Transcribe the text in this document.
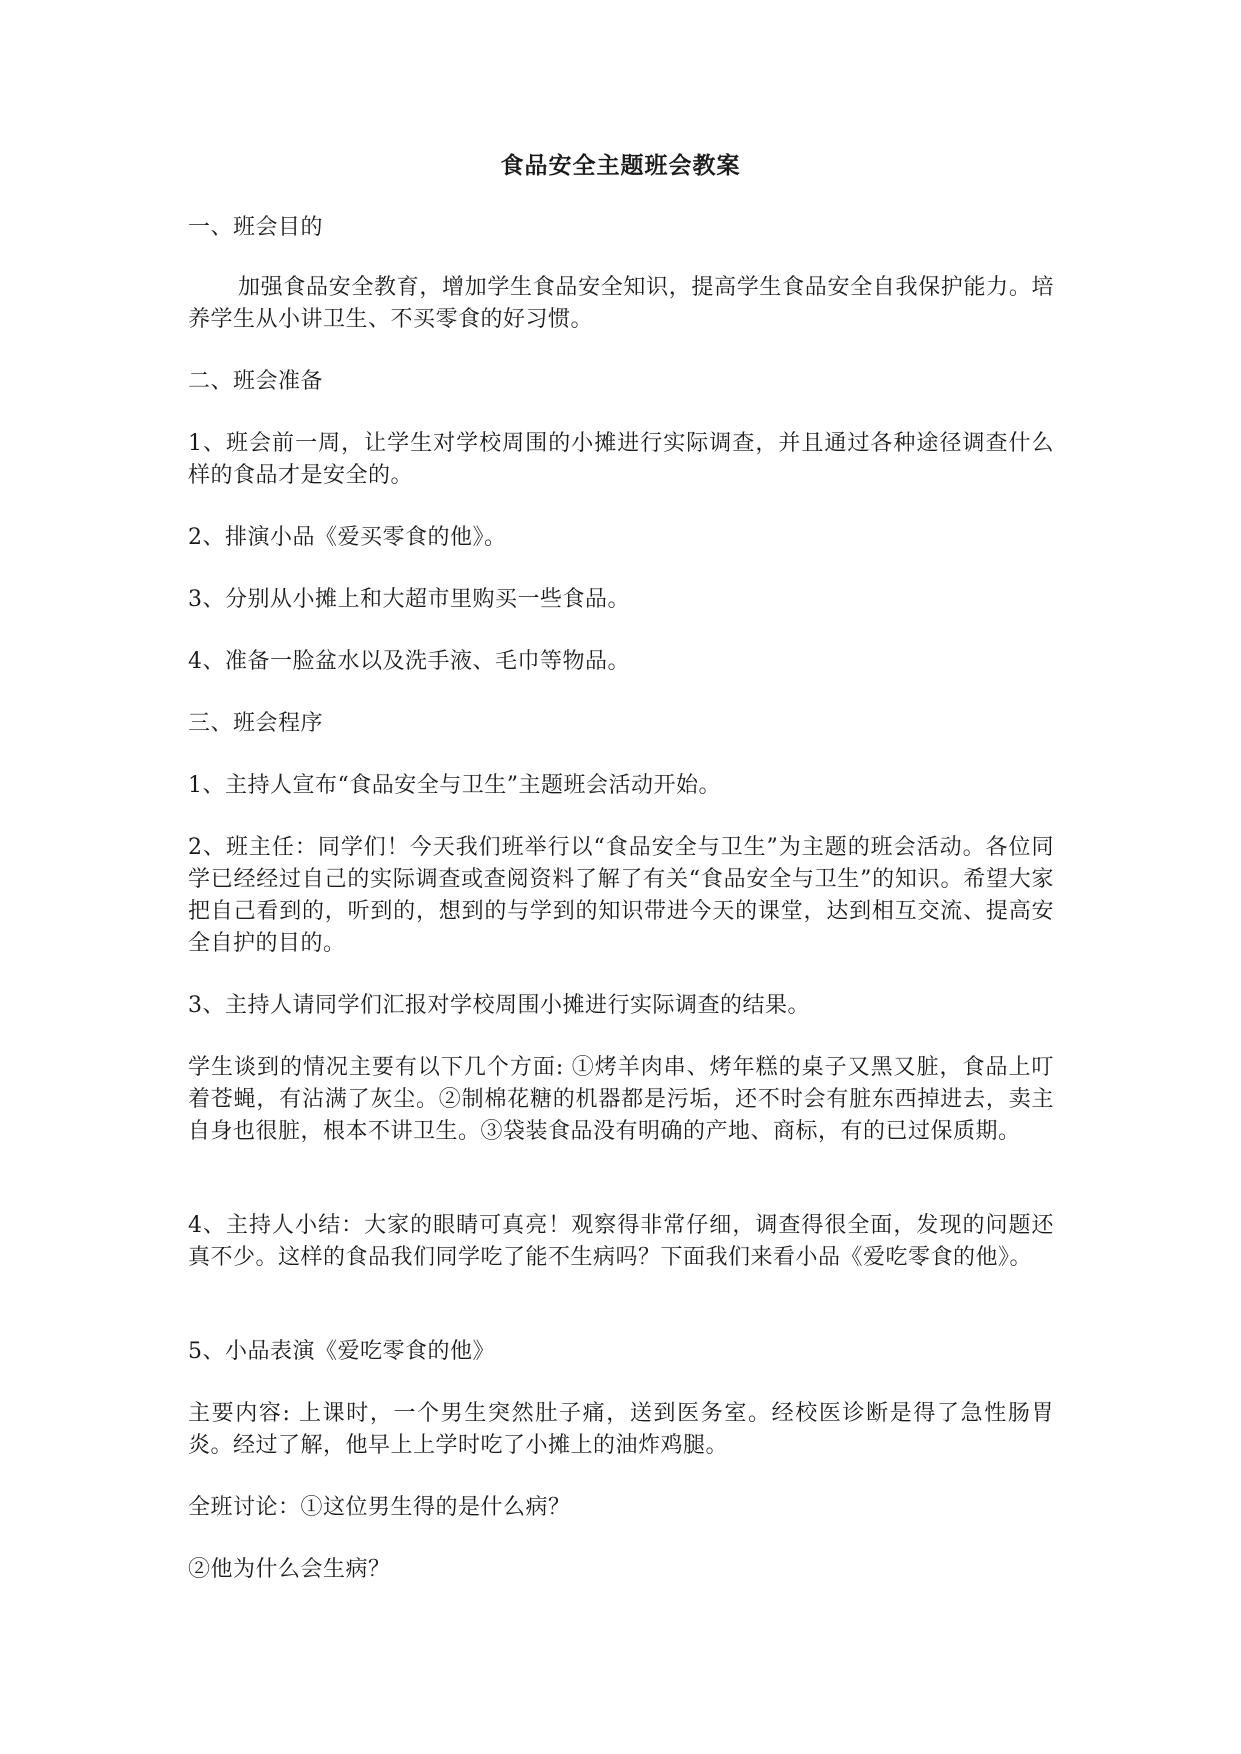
食品安全主题班会教案

一、班会目的

加强食品安全教育，增加学生食品安全知识，提高学生食品安全自我保护能力。培养学生从小讲卫生、不买零食的好习惯。

二、班会准备

1、班会前一周，让学生对学校周围的小摊进行实际调查，并且通过各种途径调查什么样的食品才是安全的。

2、排演小品《爱买零食的他》。

3、分别从小摊上和大超市里购买一些食品。

4、准备一脸盆水以及洗手液、毛巾等物品。

三、班会程序

1、主持人宣布“食品安全与卫生”主题班会活动开始。

2、班主任：同学们！今天我们班举行以“食品安全与卫生”为主题的班会活动。各位同学已经经过自己的实际调查或查阅资料了解了有关“食品安全与卫生”的知识。希望大家把自己看到的，听到的，想到的与学到的知识带进今天的课堂，达到相互交流、提高安全自护的目的。

3、主持人请同学们汇报对学校周围小摊进行实际调查的结果。

学生谈到的情况主要有以下几个方面: ①烤羊肉串、烤年糕的桌子又黑又脏，食品上叮着苍蝇，有沾满了灰尘。②制棉花糖的机器都是污垢，还不时会有脏东西掉进去，卖主自身也很脏，根本不讲卫生。③袋装食品没有明确的产地、商标，有的已过保质期。

4、主持人小结：大家的眼睛可真亮！观察得非常仔细，调查得很全面，发现的问题还真不少。这样的食品我们同学吃了能不生病吗？下面我们来看小品《爱吃零食的他》。

5、小品表演《爱吃零食的他》

主要内容: 上课时，一个男生突然肚子痛，送到医务室。经校医诊断是得了急性肠胃炎。经过了解，他早上上学时吃了小摊上的油炸鸡腿。

全班讨论：①这位男生得的是什么病？

②他为什么会生病？
